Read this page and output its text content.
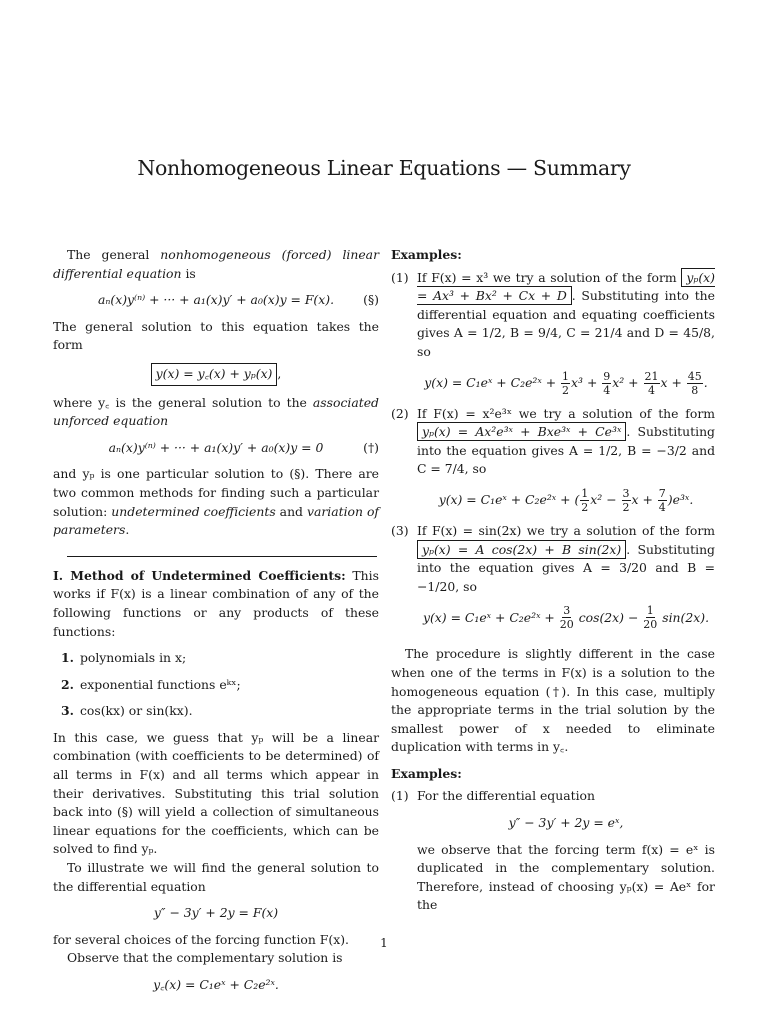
Nonhomogeneous Linear Equations — Summary

The general nonhomogeneous (forced) linear differential equation is

aₙ(x)y⁽ⁿ⁾ + ··· + a₁(x)y′ + a₀(x)y = F(x). (§)

The general solution to this equation takes the form

y(x) = y꜀(x) + yₚ(x) ,

where y꜀ is the general solution to the associated unforced equation

aₙ(x)y⁽ⁿ⁾ + ··· + a₁(x)y′ + a₀(x)y = 0	(†)

and yₚ is one particular solution to (§). There are two common methods for finding such a particular solution: undetermined coefficients and variation of parameters.

I. Method of Undetermined Coefficients: This works if F(x) is a linear combination of any of the following functions or any products of these functions:

1. polynomials in x;
2. exponential functions eᵏˣ;
3. cos(kx) or sin(kx).

In this case, we guess that yₚ will be a linear combination (with coefficients to be determined) of all terms in F(x) and all terms which appear in their derivatives. Substituting this trial solution back into (§) will yield a collection of simultaneous linear equations for the coefficients, which can be solved to find yₚ.

To illustrate we will find the general solution to the differential equation

y″ − 3y′ + 2y = F(x)

for several choices of the forcing function F(x).

Observe that the complementary solution is

y꜀(x) = C₁eˣ + C₂e²ˣ.

Examples:

(1) If F(x) = x³ we try a solution of the form yₚ(x) = Ax³ + Bx² + Cx + D . Substituting into the differential equation and equating coefficients gives A = 1/2, B = 9/4, C = 21/4 and D = 45/8, so

y(x) = C₁eˣ + C₂e²ˣ +
$\frac{1}{2} x^3$ +
$\frac{9}{4} x^2$ +
$\frac{21}{4}$ x +
$\frac{45}{8}$ .
(2) If F(x) = x²e³ˣ we try a solution of the form yₚ(x) = Ax²e³ˣ + Bxe³ˣ + Ce³ˣ . Substituting into the equation gives A = 1/2, B = −3/2 and C = 7/4, so

y(x) = C₁eˣ + C₂e²ˣ + ( $\frac{1}{2} x^2$ −
$\frac{3}{2}$ x +
$\frac{7}{4}$ )e³ˣ.
(3) If F(x) = sin(2x) we try a solution of the form yₚ(x) = A cos(2x) + B sin(2x) . Substituting into the equation gives A = 3/20 and B = −1/20, so

y(x) = C₁eˣ + C₂e²ˣ +
$\frac{3}{20}$
cos(2x) −
$\frac{1}{20}$
sin(2x).

The procedure is slightly different in the case when one of the terms in F(x) is a solution to the homogeneous equation (†). In this case, multiply the appropriate terms in the trial solution by the smallest power of x needed to eliminate duplication with terms in y꜀.

Examples:

(1) For the differential equation

y″ − 3y′ + 2y = eˣ,

we observe that the forcing term f(x) = eˣ is duplicated in the complementary solution. Therefore, instead of choosing yₚ(x) = Aeˣ for the

1
